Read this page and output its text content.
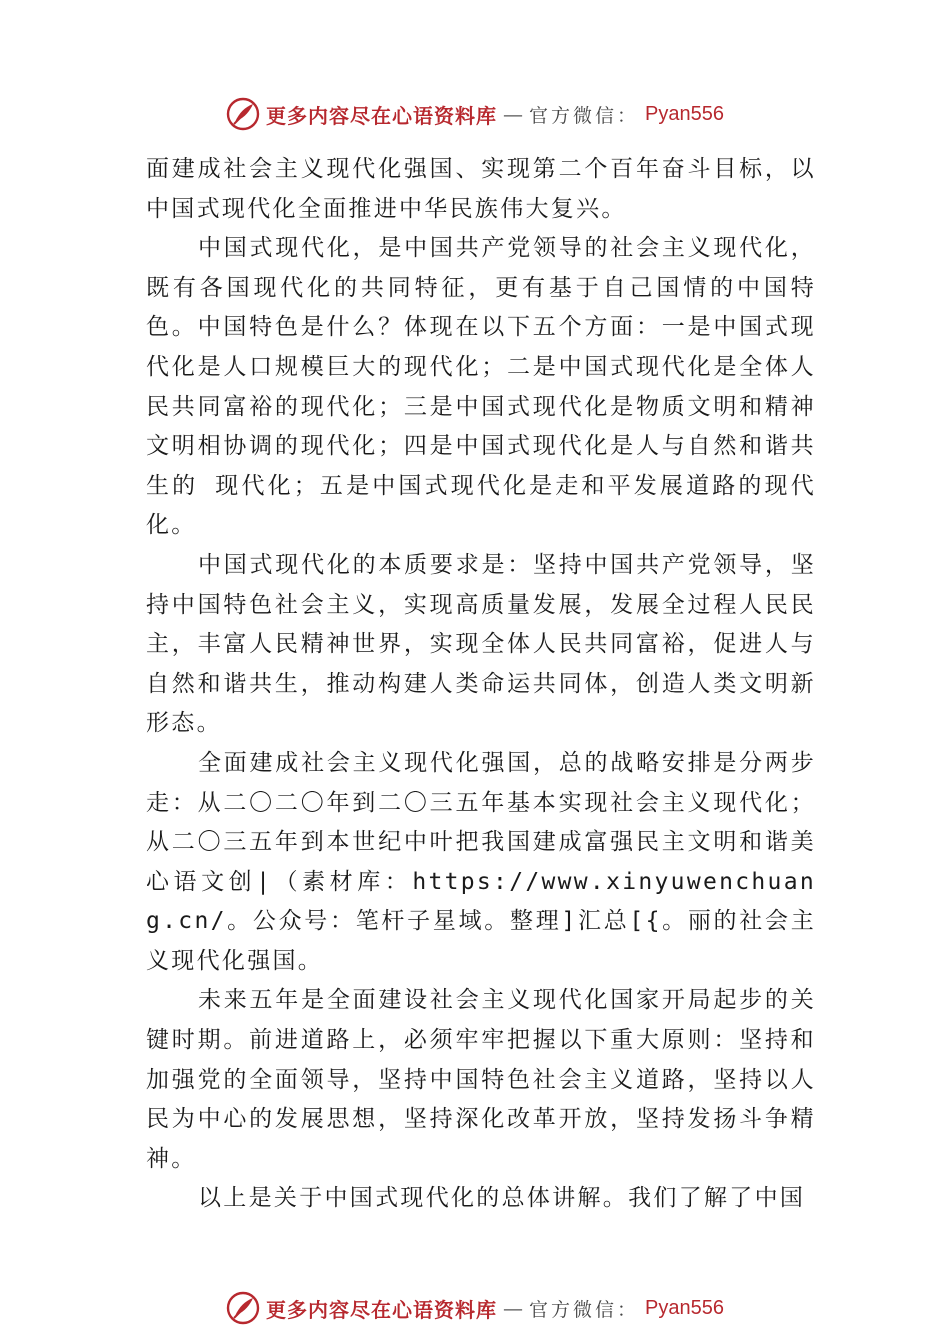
更多内容尽在心语资料库 — 官方微信： Pyan556

面建成社会主义现代化强国、实现第二个百年奋斗目标，以中国式现代化全面推进中华民族伟大复兴。

中国式现代化，是中国共产党领导的社会主义现代化，既有各国现代化的共同特征，更有基于自己国情的中国特色。中国特色是什么？体现在以下五个方面：一是中国式现代化是人口规模巨大的现代化；二是中国式现代化是全体人民共同富裕的现代化；三是中国式现代化是物质文明和精神文明相协调的现代化；四是中国式现代化是人与自然和谐共生的 现代化；五是中国式现代化是走和平发展道路的现代化。

中国式现代化的本质要求是：坚持中国共产党领导，坚持中国特色社会主义，实现高质量发展，发展全过程人民民主，丰富人民精神世界，实现全体人民共同富裕，促进人与自然和谐共生，推动构建人类命运共同体，创造人类文明新形态。

全面建成社会主义现代化强国，总的战略安排是分两步走：从二〇二〇年到二〇三五年基本实现社会主义现代化；从二〇三五年到本世纪中叶把我国建成富强民主文明和谐美心语文创|（素材库：https://www.xinyuwenchuang.cn/。公众号：笔杆子星域。整理]汇总[{。丽的社会主义现代化强国。

未来五年是全面建设社会主义现代化国家开局起步的关键时期。前进道路上，必须牢牢把握以下重大原则：坚持和加强党的全面领导，坚持中国特色社会主义道路，坚持以人民为中心的发展思想，坚持深化改革开放，坚持发扬斗争精神。

以上是关于中国式现代化的总体讲解。我们了解了中国

更多内容尽在心语资料库 — 官方微信： Pyan556
